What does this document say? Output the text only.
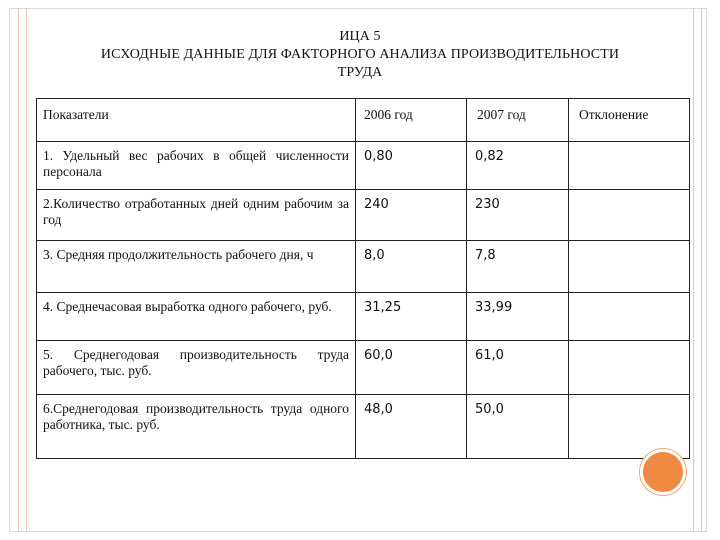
ИЦА 5
ИСХОДНЫЕ ДАННЫЕ ДЛЯ ФАКТОРНОГО АНАЛИЗА ПРОИЗВОДИТЕЛЬНОСТИ
ТРУДА
Показатели	2006 год	2007 год	Отклонение
1. Удельный вес рабочих в общей численности персонала	0,80	0,82	
2.Количество отработанных дней одним рабочим за год	240	230	
3. Средняя продолжительность рабочего дня, ч	8,0	7,8	
4. Среднечасовая выработка одного рабочего, руб.	31,25	33,99	
5. Среднегодовая производительность труда рабочего, тыс. руб.	60,0	61,0	
6.Среднегодовая производительность труда одного работника, тыс. руб.	48,0	50,0	
